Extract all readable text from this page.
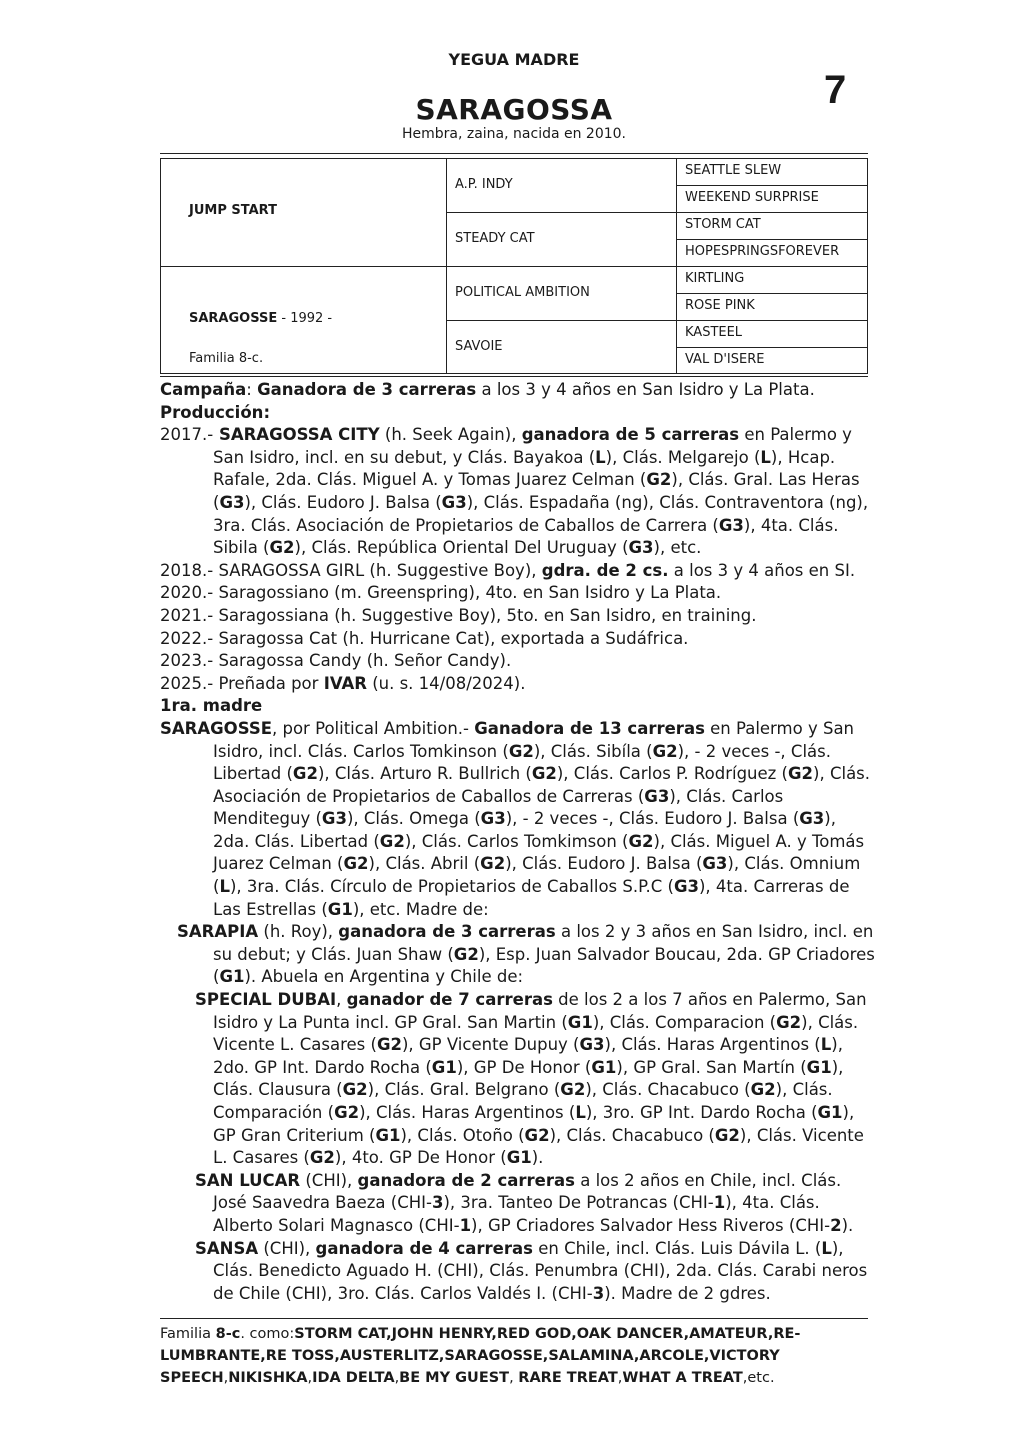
YEGUA MADRE
7
SARAGOSSA
Hembra, zaina, nacida en 2010.
JUMP START
SARAGOSSE - 1992 -
Familia 8-c.
A.P. INDY
STEADY CAT
POLITICAL AMBITION
SAVOIE
SEATTLE SLEW
WEEKEND SURPRISE
STORM CAT
HOPESPRINGSFOREVER
KIRTLING
ROSE PINK
KASTEEL
VAL D'ISERE

Campaña: Ganadora de 3 carreras a los 3 y 4 años en San Isidro y La Plata.

Producción:

2017.- SARAGOSSA CITY (h. Seek Again), ganadora de 5 carreras en Palermo y San Isidro, incl. en su debut, y Clás. Bayakoa (L), Clás. Melgarejo (L), Hcap. Rafale, 2da. Clás. Miguel A. y Tomas Juarez Celman (G2), Clás. Gral. Las Heras (G3), Clás. Eudoro J. Balsa (G3), Clás. Espadaña (ng), Clás. Contraventora (ng), 3ra. Clás. Asociación de Propietarios de Caballos de Carrera (G3), 4ta. Clás. Sibila (G2), Clás. República Oriental Del Uruguay (G3), etc.

2018.- SARAGOSSA GIRL (h. Suggestive Boy), gdra. de 2 cs. a los 3 y 4 años en SI.

2020.- Saragossiano (m. Greenspring), 4to. en San Isidro y La Plata.

2021.- Saragossiana (h. Suggestive Boy), 5to. en San Isidro, en training.

2022.- Saragossa Cat (h. Hurricane Cat), exportada a Sudáfrica.

2023.- Saragossa Candy (h. Señor Candy).

2025.- Preñada por IVAR (u. s. 14/08/2024).

1ra. madre

SARAGOSSE, por Political Ambition.- Ganadora de 13 carreras en Palermo y San Isidro, incl. Clás. Carlos Tomkinson (G2), Clás. Sibíla (G2), - 2 veces -, Clás. Libertad (G2), Clás. Arturo R. Bullrich (G2), Clás. Carlos P. Rodríguez (G2), Clás. Asociación de Propietarios de Caballos de Carreras (G3), Clás. Carlos Menditeguy (G3), Clás. Omega (G3), - 2 veces -, Clás. Eudoro J. Balsa (G3), 2da. Clás. Libertad (G2), Clás. Carlos Tomkimson (G2), Clás. Miguel A. y Tomás Juarez Celman (G2), Clás. Abril (G2), Clás. Eudoro J. Balsa (G3), Clás. Omnium (L), 3ra. Clás. Círculo de Propietarios de Caballos S.P.C (G3), 4ta. Carreras de Las Estrellas (G1), etc. Madre de:

SARAPIA (h. Roy), ganadora de 3 carreras a los 2 y 3 años en San Isidro, incl. en su debut; y Clás. Juan Shaw (G2), Esp. Juan Salvador Boucau, 2da. GP Criadores (G1). Abuela en Argentina y Chile de:

SPECIAL DUBAI, ganador de 7 carreras de los 2 a los 7 años en Palermo, San Isidro y La Punta incl. GP Gral. San Martin (G1), Clás. Comparacion (G2), Clás. Vicente L. Casares (G2), GP Vicente Dupuy (G3), Clás. Haras Argentinos (L), 2do. GP Int. Dardo Rocha (G1), GP De Honor (G1), GP Gral. San Martín (G1), Clás. Clausura (G2), Clás. Gral. Belgrano (G2), Clás. Chacabuco (G2), Clás. Comparación (G2), Clás. Haras Argentinos (L), 3ro. GP Int. Dardo Rocha (G1), GP Gran Criterium (G1), Clás. Otoño (G2), Clás. Chacabuco (G2), Clás. Vicente L. Casares (G2), 4to. GP De Honor (G1).

SAN LUCAR (CHI), ganadora de 2 carreras a los 2 años en Chile, incl. Clás. José Saavedra Baeza (CHI-3), 3ra. Tanteo De Potrancas (CHI-1), 4ta. Clás. Alberto Solari Magnasco (CHI-1), GP Criadores Salvador Hess Riveros (CHI-2).

SANSA (CHI), ganadora de 4 carreras en Chile, incl. Clás. Luis Dávila L. (L), Clás. Benedicto Aguado H. (CHI), Clás. Penumbra (CHI), 2da. Clás. Carabi neros de Chile (CHI), 3ro. Clás. Carlos Valdés I. (CHI-3). Madre de 2 gdres.

Familia 8-c. como:STORM CAT,JOHN HENRY,RED GOD,OAK DANCER,AMATEUR,RE-LUMBRANTE,RE TOSS,AUSTERLITZ,SARAGOSSE,SALAMINA,ARCOLE,VICTORY SPEECH,NIKISHKA,IDA DELTA,BE MY GUEST, RARE TREAT,WHAT A TREAT,etc.
